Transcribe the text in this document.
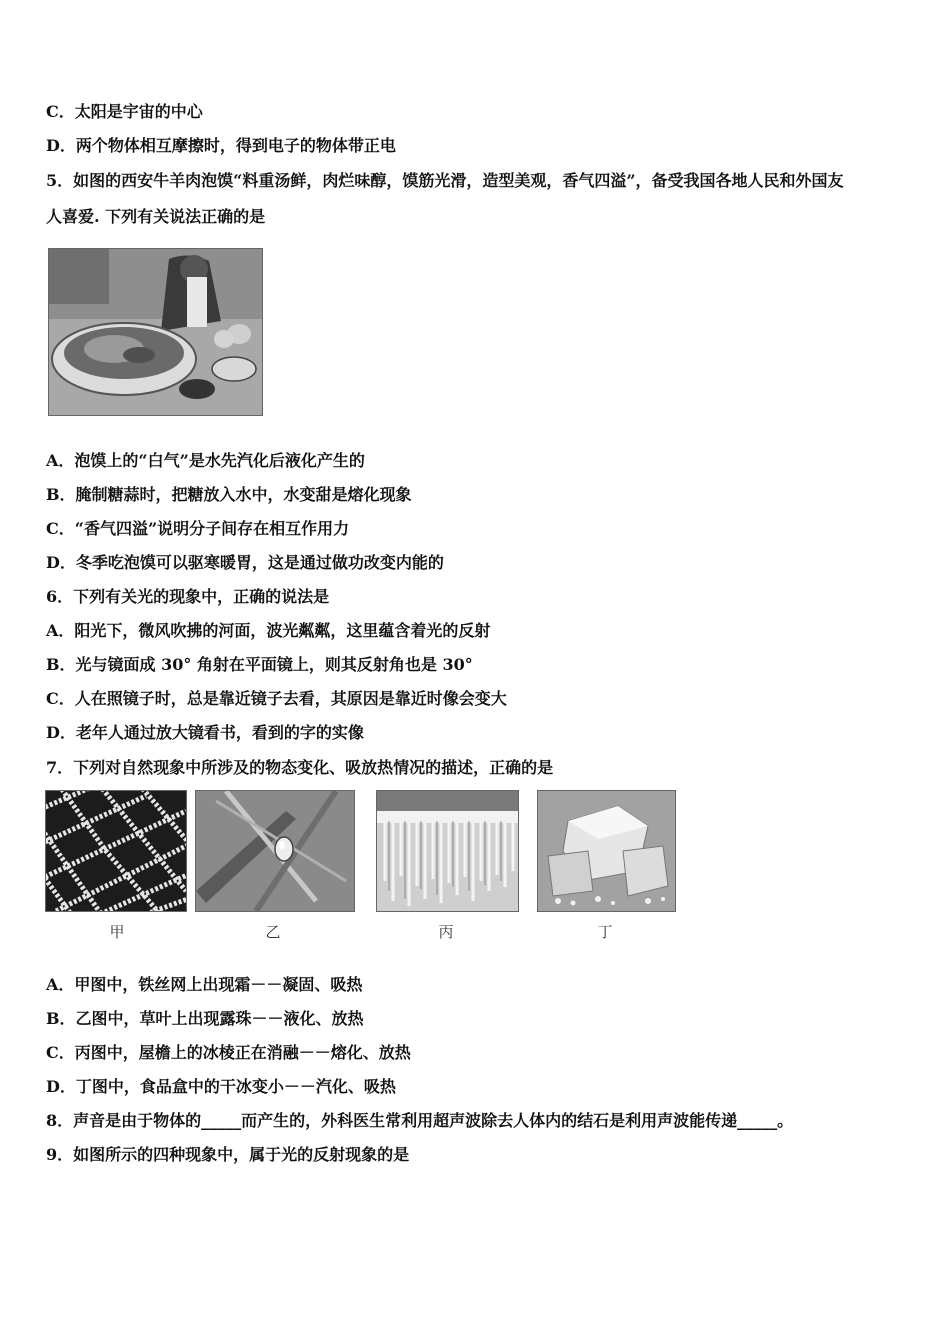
C．太阳是宇宙的中心
D．两个物体相互摩擦时，得到电子的物体带正电
5．如图的西安牛羊肉泡馍“料重汤鲜，肉烂味醇，馍筋光滑，造型美观，香气四溢”，备受我国各地人民和外国友
人喜爱. 下列有关说法正确的是
A．泡馍上的“白气”是水先汽化后液化产生的
B．腌制糖蒜时，把糖放入水中，水变甜是熔化现象
C．“香气四溢”说明分子间存在相互作用力
D．冬季吃泡馍可以驱寒暖胃，这是通过做功改变内能的
6．下列有关光的现象中，正确的说法是
A．阳光下，微风吹拂的河面，波光粼粼，这里蕴含着光的反射
B．光与镜面成 30° 角射在平面镜上，则其反射角也是 30°
C．人在照镜子时，总是靠近镜子去看，其原因是靠近时像会变大
D．老年人通过放大镜看书，看到的字的实像
7．下列对自然现象中所涉及的物态变化、吸放热情况的描述，正确的是
甲	乙	丙	丁
A．甲图中，铁丝网上出现霜－－凝固、吸热
B．乙图中，草叶上出现露珠－－液化、放热
C．丙图中，屋檐上的冰棱正在消融－－熔化、放热
D．丁图中，食品盒中的干冰变小－－汽化、吸热
8．声音是由于物体的_____而产生的，外科医生常利用超声波除去人体内的结石是利用声波能传递_____。
9．如图所示的四种现象中，属于光的反射现象的是
